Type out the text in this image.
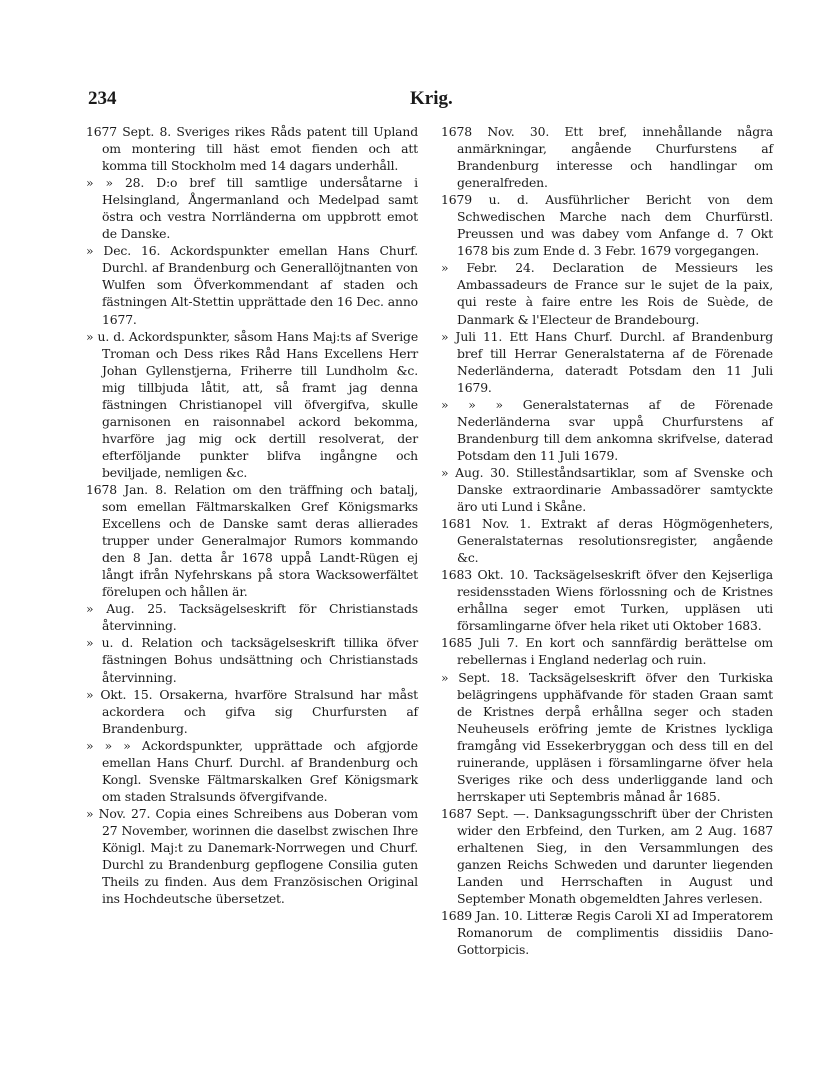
234	Krig.

1677 Sept. 8. Sveriges rikes Råds patent till Upland om montering till häst emot fienden och att komma till Stockholm med 14 dagars underhåll.

» » 28. D:o bref till samtlige undersåtarne i Helsingland, Ångermanland och Medelpad samt östra och vestra Norrländerna om uppbrott emot de Danske.

» Dec. 16. Ackordspunkter emellan Hans Churf. Durchl. af Brandenburg och Generallöjtnanten von Wulfen som Öfverkommendant af staden och fästningen Alt-Stettin upprättade den 16 Dec. anno 1677.

» u. d. Ackordspunkter, såsom Hans Maj:ts af Sverige Troman och Dess rikes Råd Hans Excellens Herr Johan Gyllenstjerna, Friherre till Lundholm &c. mig tillbjuda låtit, att, så framt jag denna fästningen Christianopel vill öfvergifva, skulle garnisonen en raisonnabel ackord bekomma, hvarföre jag mig ock dertill resolverat, der efterföljande punkter blifva ingångne och beviljade, nemligen &c.

1678 Jan. 8. Relation om den träffning och batalj, som emellan Fältmarskalken Gref Königsmarks Excellens och de Danske samt deras allierades trupper under Generalmajor Rumors kommando den 8 Jan. detta år 1678 uppå Landt-Rügen ej långt ifrån Nyfehrskans på stora Wacksowerfältet förelupen och hållen är.

» Aug. 25. Tacksägelseskrift för Christianstads återvinning.

» u. d. Relation och tacksägelseskrift tillika öfver fästningen Bohus undsättning och Christianstads återvinning.

» Okt. 15. Orsakerna, hvarföre Stralsund har måst ackordera och gifva sig Churfursten af Brandenburg.

» » » Ackordspunkter, upprättade och afgjorde emellan Hans Churf. Durchl. af Brandenburg och Kongl. Svenske Fältmarskalken Gref Königsmark om staden Stralsunds öfvergifvande.

» Nov. 27. Copia eines Schreibens aus Doberan vom 27 November, worinnen die daselbst zwischen Ihre Königl. Maj:t zu Danemark-Norrwegen und Churf. Durchl zu Brandenburg gepflogene Consilia guten Theils zu finden. Aus dem Französischen Original ins Hochdeutsche übersetzet.

1678 Nov. 30. Ett bref, innehållande några anmärkningar, angående Churfurstens af Brandenburg interesse och handlingar om generalfreden.

1679 u. d. Ausführlicher Bericht von dem Schwedischen Marche nach dem Churfürstl. Preussen und was dabey vom Anfange d. 7 Okt 1678 bis zum Ende d. 3 Febr. 1679 vorgegangen.

» Febr. 24. Declaration de Messieurs les Ambassadeurs de France sur le sujet de la paix, qui reste à faire entre les Rois de Suède, de Danmark & l'Electeur de Brandebourg.

» Juli 11. Ett Hans Churf. Durchl. af Brandenburg bref till Herrar Generalstaterna af de Förenade Nederländerna, dateradt Potsdam den 11 Juli 1679.

» » » Generalstaternas af de Förenade Nederländerna svar uppå Churfurstens af Brandenburg till dem ankomna skrifvelse, daterad Potsdam den 11 Juli 1679.

» Aug. 30. Stilleståndsartiklar, som af Svenske och Danske extraordinarie Ambassadörer samtyckte äro uti Lund i Skåne.

1681 Nov. 1. Extrakt af deras Högmögenheters, Generalstaternas resolutionsregister, angående &c.

1683 Okt. 10. Tacksägelseskrift öfver den Kejserliga residensstaden Wiens förlossning och de Kristnes erhållna seger emot Turken, uppläsen uti församlingarne öfver hela riket uti Oktober 1683.

1685 Juli 7. En kort och sannfärdig berättelse om rebellernas i England nederlag och ruin.

» Sept. 18. Tacksägelseskrift öfver den Turkiska belägringens upphäfvande för staden Graan samt de Kristnes derpå erhållna seger och staden Neuheusels eröfring jemte de Kristnes lyckliga framgång vid Essekerbryggan och dess till en del ruinerande, uppläsen i församlingarne öfver hela Sveriges rike och dess underliggande land och herrskaper uti Septembris månad år 1685.

1687 Sept. —. Danksagungsschrift über der Christen wider den Erbfeind, den Turken, am 2 Aug. 1687 erhaltenen Sieg, in den Versammlungen des ganzen Reichs Schweden und darunter liegenden Landen und Herrschaften in August und September Monath obgemeldten Jahres verlesen.

1689 Jan. 10. Litteræ Regis Caroli XI ad Imperatorem Romanorum de complimentis dissidiis Dano-Gottorpicis.
